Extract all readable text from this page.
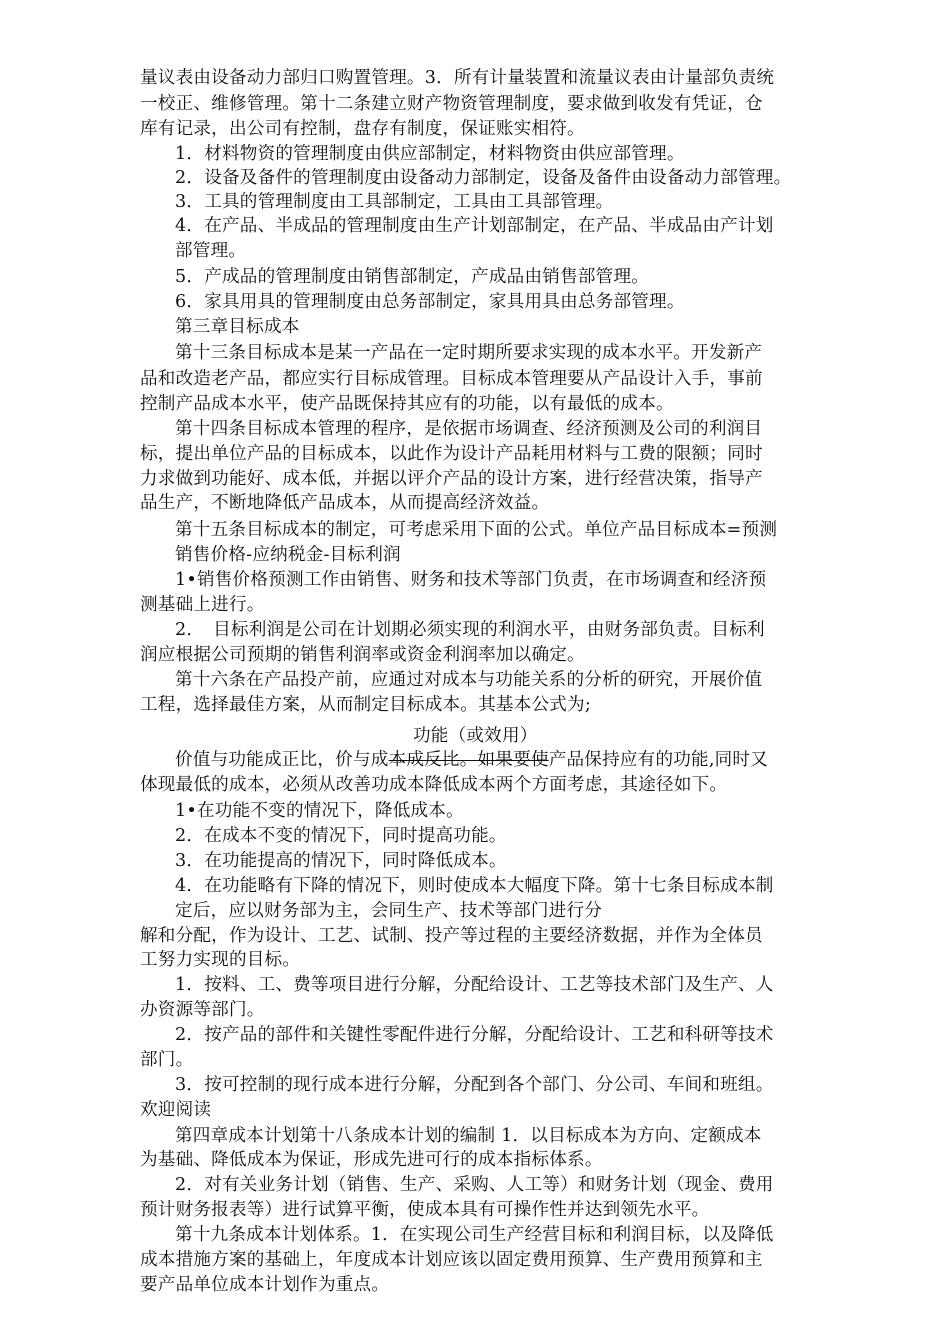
量议表由设备动力部归口购置管理。3．所有计量装置和流量议表由计量部负责统
一校正、维修管理。第十二条建立财产物资管理制度，要求做到收发有凭证，仓
库有记录，出公司有控制，盘存有制度，保证账实相符。
1．材料物资的管理制度由供应部制定，材料物资由供应部管理。
2．设备及备件的管理制度由设备动力部制定，设备及备件由设备动力部管理。
3．工具的管理制度由工具部制定，工具由工具部管理。
4．在产品、半成品的管理制度由生产计划部制定，在产品、半成品由产计划
部管理。
5．产成品的管理制度由销售部制定，产成品由销售部管理。
6．家具用具的管理制度由总务部制定，家具用具由总务部管理。
第三章目标成本
第十三条目标成本是某一产品在一定时期所要求实现的成本水平。开发新产
品和改造老产品，都应实行目标成管理。目标成本管理要从产品设计入手，事前
控制产品成本水平，使产品既保持其应有的功能，以有最低的成本。
第十四条目标成本管理的程序，是依据市场调查、经济预测及公司的利润目
标，提出单位产品的目标成本，以此作为设计产品耗用材料与工费的限额；同时
力求做到功能好、成本低，并据以评介产品的设计方案，进行经营决策，指导产
品生产，不断地降低产品成本，从而提高经济效益。
第十五条目标成本的制定，可考虑采用下面的公式。单位产品目标成本=预测
销售价格-应纳税金-目标利润
1•销售价格预测工作由销售、财务和技术等部门负责，在市场调查和经济预
测基础上进行。
2．　目标利润是公司在计划期必须实现的利润水平，由财务部负责。目标利
润应根据公司预期的销售利润率或资金利润率加以确定。
第十六条在产品投产前，应通过对成本与功能关系的分析的研究，开展价值
工程，选择最佳方案，从而制定目标成本。其基本公式为;
功能（或效用）
价值与功能成正比，价与成本成反比。如果要使产品保持应有的功能,同时又
体现最低的成本，必须从改善功成本降低成本两个方面考虑，其途径如下。
1•在功能不变的情况下，降低成本。
2．在成本不变的情况下，同时提高功能。
3．在功能提高的情况下，同时降低成本。
4．在功能略有下降的情况下，则时使成本大幅度下降。第十七条目标成本制
定后，应以财务部为主，会同生产、技术等部门进行分
解和分配，作为设计、工艺、试制、投产等过程的主要经济数据，并作为全体员
工努力实现的目标。
1．按料、工、费等项目进行分解，分配给设计、工艺等技术部门及生产、人
办资源等部门。
2．按产品的部件和关键性零配件进行分解，分配给设计、工艺和科研等技术
部门。
3．按可控制的现行成本进行分解，分配到各个部门、分公司、车间和班组。
欢迎阅读
第四章成本计划第十八条成本计划的编制 1．以目标成本为方向、定额成本
为基础、降低成本为保证，形成先进可行的成本指标体系。
2．对有关业务计划（销售、生产、采购、人工等）和财务计划（现金、费用
预计财务报表等）进行试算平衡，使成本具有可操作性并达到领先水平。
第十九条成本计划体系。1．在实现公司生产经营目标和利润目标，以及降低
成本措施方案的基础上，年度成本计划应该以固定费用预算、生产费用预算和主
要产品单位成本计划作为重点。
